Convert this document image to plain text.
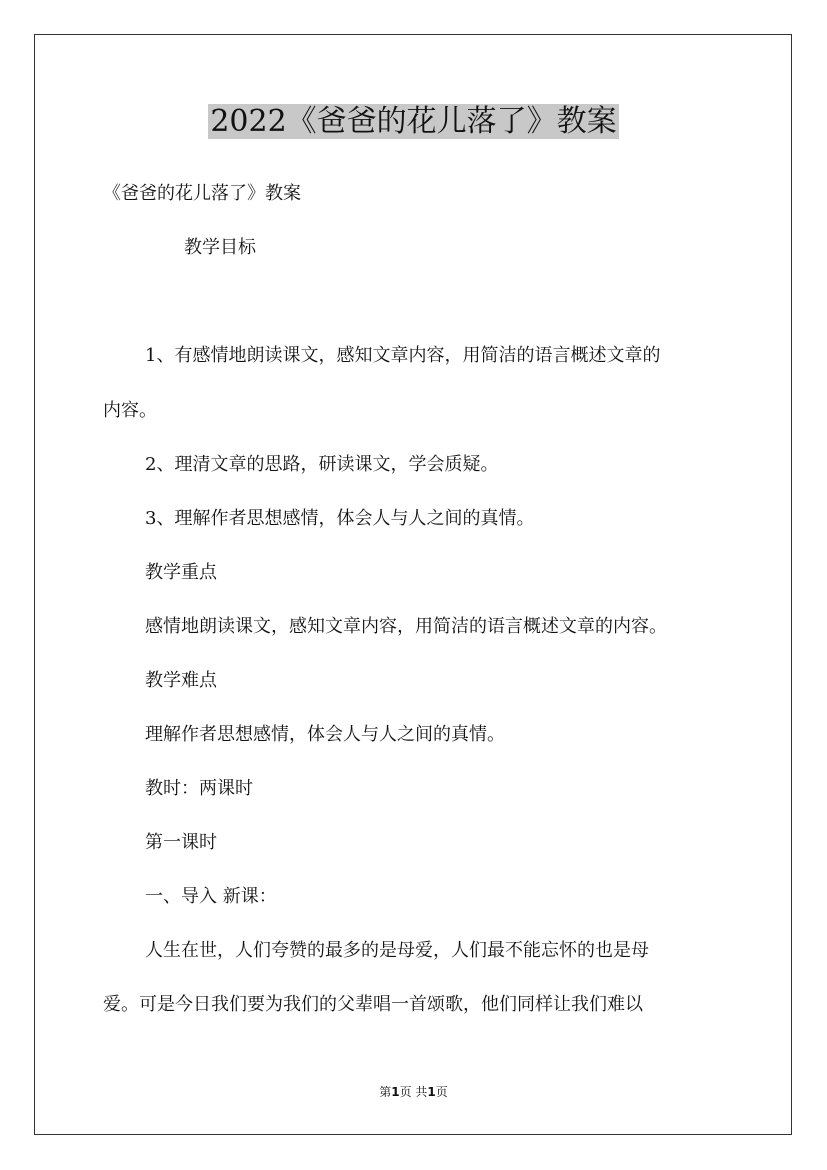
2022《爸爸的花儿落了》教案

《爸爸的花儿落了》教案

教学目标

1、有感情地朗读课文，感知文章内容，用简洁的语言概述文章的

内容。

2、理清文章的思路，研读课文，学会质疑。

3、理解作者思想感情，体会人与人之间的真情。

教学重点

感情地朗读课文，感知文章内容，用简洁的语言概述文章的内容。

教学难点

理解作者思想感情，体会人与人之间的真情。

教时：两课时

第一课时

一、导入 新课：

人生在世，人们夸赞的最多的是母爱，人们最不能忘怀的也是母

爱。可是今日我们要为我们的父辈唱一首颂歌，他们同样让我们难以

第1页 共1页
